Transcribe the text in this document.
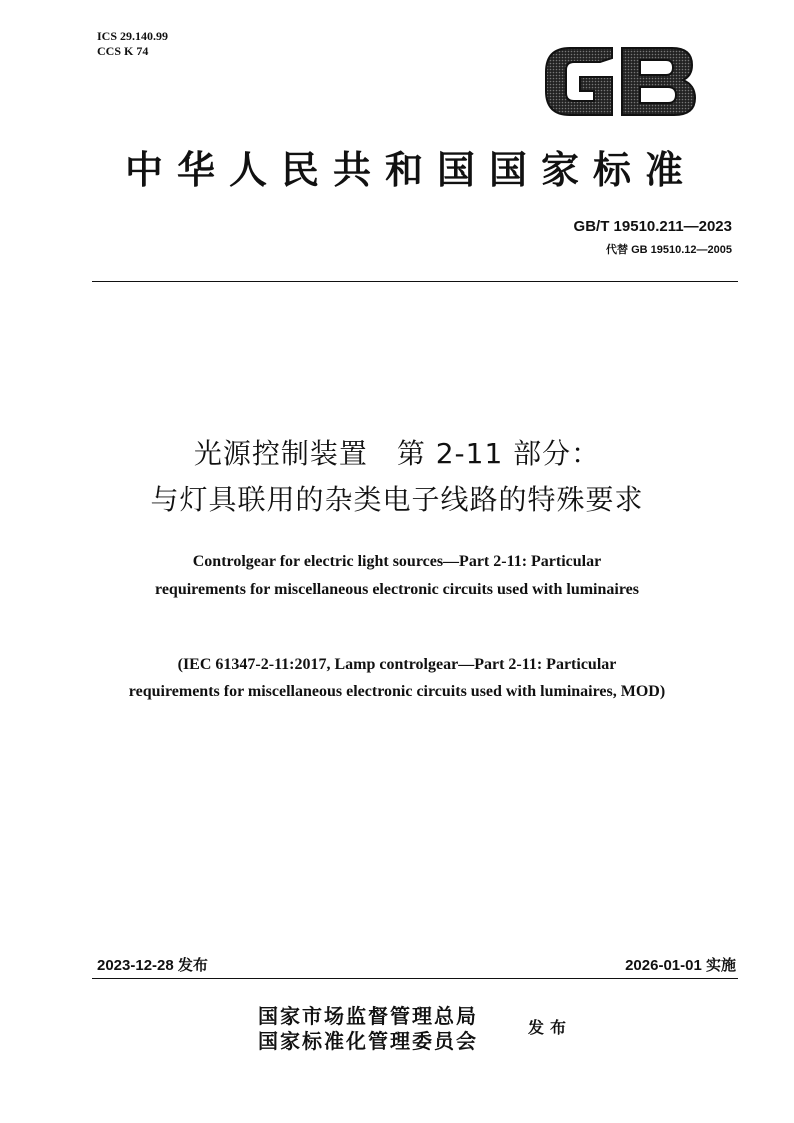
ICS 29.140.99
CCS K 74
中华人民共和国国家标准
GB/T 19510.211—2023
代替 GB 19510.12—2005
光源控制装置　第 2-11 部分：
与灯具联用的杂类电子线路的特殊要求
Controlgear for electric light sources—Part 2-11: Particular
requirements for miscellaneous electronic circuits used with luminaires
(IEC 61347-2-11:2017, Lamp controlgear—Part 2-11: Particular
requirements for miscellaneous electronic circuits used with luminaires, MOD)
2023-12-28 发布	2026-01-01 实施
国家市场监督管理总局
国家标准化管理委员会
发布
